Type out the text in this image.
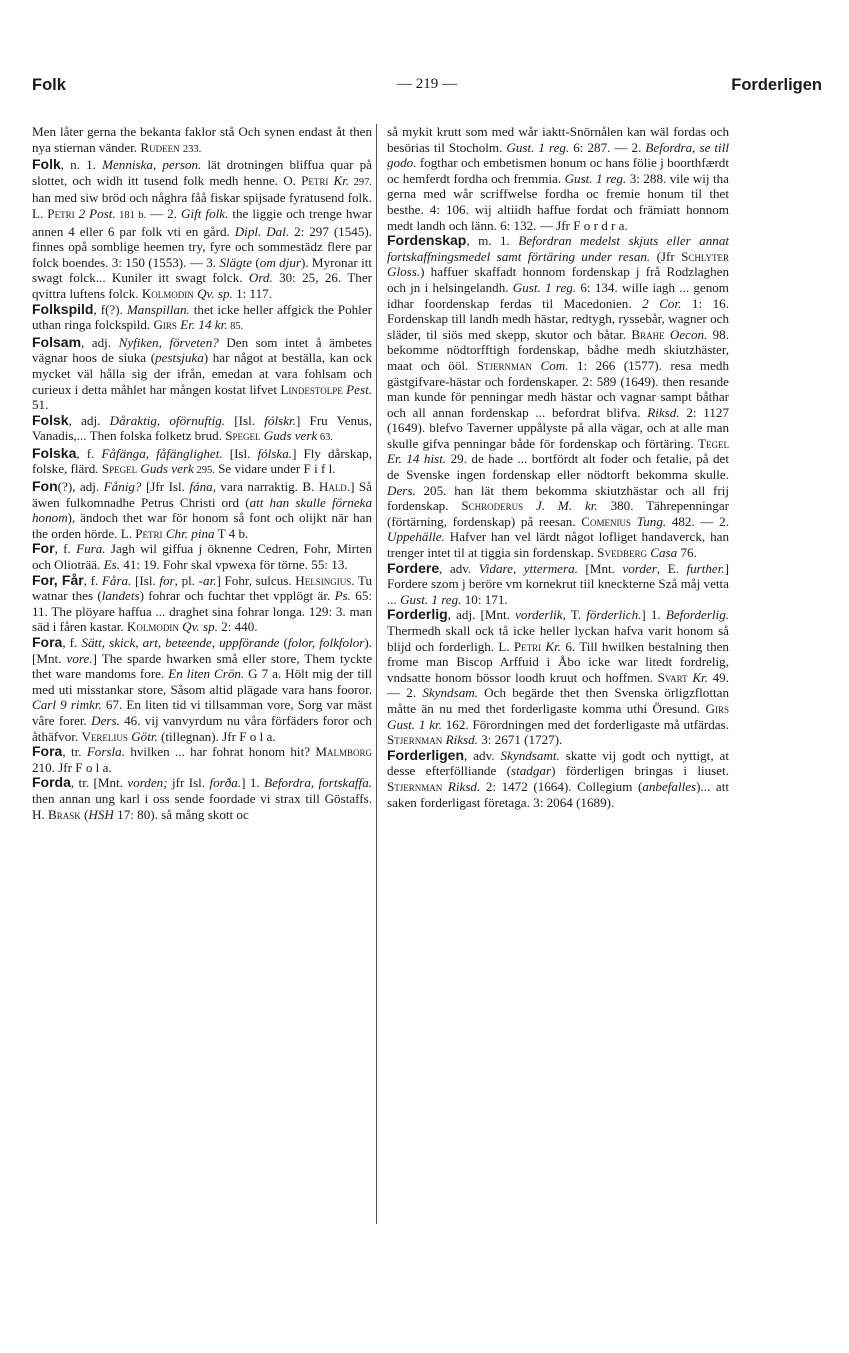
Folk	— 219 —	Forderligen

Men låter gerna the bekanta faklor stå Och synen endast åt then nya stiernan vänder. Rudeen 233.

Folk, n. 1. Menniska, person. lät drotningen bliffua quar på slottet, och widh itt tusend folk medh henne. O. Petri Kr. 297. han med siw bröd och någhra fåå fiskar spijsade fyratusend folk. L. Petri 2 Post. 181 b. — 2. Gift folk. the liggie och trenge hwar annen 4 eller 6 par folk vti en gård. Dipl. Dal. 2: 297 (1545). finnes opå somblige heemen try, fyre och sommestädz flere par folck boendes. 3: 150 (1553). — 3. Slägte (om djur). Myronar itt swagt folck... Kuniler itt swagt folck. Ord. 30: 25, 26. Ther qvittra luftens folck. Kolmodin Qv. sp. 1: 117.

Folkspild, f(?). Manspillan. thet icke heller affgick the Pohler uthan ringa folckspild. Girs Er. 14 kr. 85.

Folsam, adj. Nyfiken, förveten? Den som intet å ämbetes vägnar hoos de siuka (pestsjuka) har något at beställa, kan ock mycket väl hålla sig der ifrån, emedan at vara fohlsam och curieux i detta måhlet har mången kostat lifvet Lindestolpe Pest. 51.

Folsk, adj. Dåraktig, oförnuftig. [Isl. fólskr.] Fru Venus, Vanadis,... Then folska folketz brud. Spegel Guds verk 63.

Folska, f. Fåfänga, fåfänglighet. [Isl. fólska.] Fly dårskap, folske, flärd. Spegel Guds verk 295. Se vidare under F i f l.

Fon(?), adj. Fånig? [Jfr Isl. fána, vara narraktig. B. Hald.] Så äwen fulkomnadhe Petrus Christi ord (att han skulle förneka honom), ändoch thet war för honom så font och olijkt när han the orden hörde. L. Petri Chr. pina T 4 b.

For, f. Fura. Jagh wil giffua j öknenne Cedren, Fohr, Mirten och Olioträä. Es. 41: 19. Fohr skal vpwexa för törne. 55: 13.

For, Får, f. Fåra. [Isl. for, pl. -ar.] Fohr, sulcus. Helsingius. Tu watnar thes (landets) fohrar och fuchtar thet vpplögt är. Ps. 65: 11. The plöyare haffua ... draghet sina fohrar longa. 129: 3. man säd i fåren kastar. Kolmodin Qv. sp. 2: 440.

Fora, f. Sätt, skick, art, beteende, uppförande (folor, folkfolor). [Mnt. vore.] The sparde hwarken små eller store, Them tyckte thet ware mandoms fore. En liten Crön. G 7 a. Hölt mig der till med uti misstankar store, Såsom altid plägade vara hans fooror. Carl 9 rimkr. 67. En liten tid vi tillsamman vore, Sorg var mäst våre forer. Ders. 46. vij vanvyrdum nu våra förfäders foror och åthäfvor. Verelius Götr. (tillegnan). Jfr F o l a.

Fora, tr. Forsla. hvilken ... har fohrat honom hit? Malmborg 210. Jfr F o l a.

Forda, tr. [Mnt. vorden; jfr Isl. forða.] 1. Befordra, fortskaffa. then annan ung karl i oss sende foordade vi strax till Göstaffs. H. Brask (HSH 17: 80). så mång skott oc

så mykit krutt som med wår iaktt-Snörnålen kan wäl fordas och besörias til Stocholm. Gust. 1 reg. 6: 287. — 2. Befordra, se till godo. fogthar och embetismen honum oc hans fölie j boorthfærdt oc hemferdt fordha och fremmia. Gust. 1 reg. 3: 288. vile wij tha gerna med wår scriffwelse fordha oc fremie honum til thet besthe. 4: 106. wij altiidh haffue fordat och främiatt honnom medt landh och länn. 6: 132. — Jfr F o r d r a.

Fordenskap, m. 1. Befordran medelst skjuts eller annat fortskaffningsmedel samt förtäring under resan. (Jfr Schlyter Gloss.) haffuer skaffadt honnom fordenskap j frå Rodzlaghen och jn i helsingelandh. Gust. 1 reg. 6: 134. wille iagh ... genom idhar foordenskap ferdas til Macedonien. 2 Cor. 1: 16. Fordenskap till landh medh hästar, redtygh, ryssebår, wagner och släder, til siös med skepp, skutor och båtar. Brahe Oecon. 98. bekomme nödtorfftigh fordenskap, bådhe medh skiutzhäster, maat och ööl. Stjernman Com. 1: 266 (1577). resa medh gästgifvare-hästar och fordenskaper. 2: 589 (1649). then resande man kunde för penningar medh hästar och vagnar sampt båthar och all annan fordenskap ... befordrat blifva. Riksd. 2: 1127 (1649). blefvo Taverner uppålyste på alla vägar, och at alle man skulle gifva penningar både för fordenskap och förtäring. Tegel Er. 14 hist. 29. de hade ... bortfördt alt foder och fetalie, på det de Svenske ingen fordenskap eller nödtorft bekomma skulle. Ders. 205. han lät them bekomma skiutzhästar och all frij fordenskap. Schroderus J. M. kr. 380. Tährepenningar (förtärning, fordenskap) på reesan. Comenius Tung. 482. — 2. Uppehälle. Hafver han vel lärdt något lofliget handaverck, han trenger intet til at tiggia sin fordenskap. Svedberg Casa 76.

Fordere, adv. Vidare, yttermera. [Mnt. vorder, E. further.] Fordere szom j beröre vm kornekrut tiil kneckterne Szå måj vetta ... Gust. 1 reg. 10: 171.

Forderlig, adj. [Mnt. vorderlik, T. förderlich.] 1. Beforderlig. Thermedh skall ock tå icke heller lyckan hafva varit honom så blijd och forderligh. L. Petri Kr. 6. Till hwilken bestalning then frome man Biscop Arffuid i Åbo icke war litedt fordrelig, vndsatte honom bössor loodh kruut och hoffmen. Svart Kr. 49. — 2. Skyndsam. Och begärde thet then Svenska örligzflottan måtte än nu med thet forderligaste komma uthi Öresund. Girs Gust. 1 kr. 162. Förordningen med det forderligaste må utfärdas. Stjernman Riksd. 3: 2671 (1727).

Forderligen, adv. Skyndsamt. skatte vij godt och nyttigt, at desse efterfölliande (stadgar) förderligen bringas i liuset. Stjernman Riksd. 2: 1472 (1664). Collegium (anbefalles)... att saken forderligast företaga. 3: 2064 (1689).
